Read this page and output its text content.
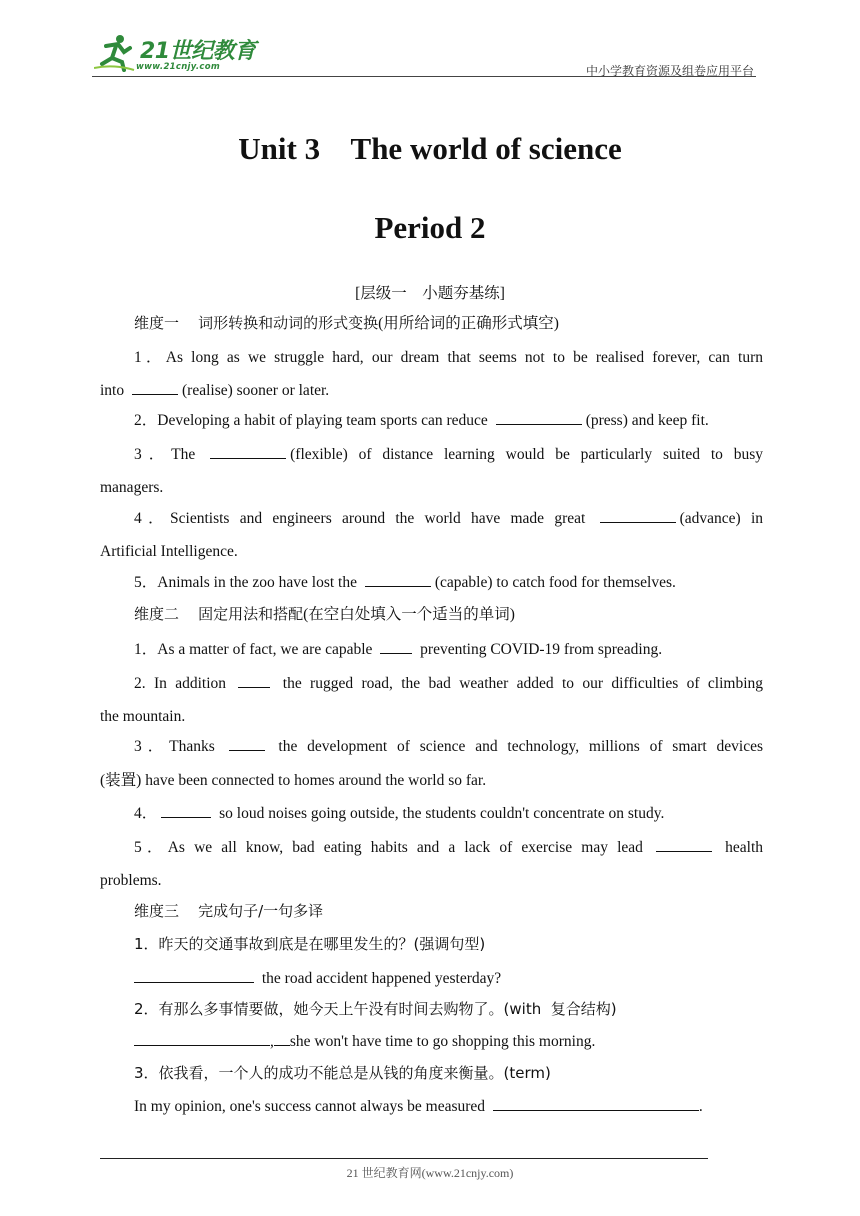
21世纪教育
www.21cnjy.com	中小学教育资源及组卷应用平台
Unit 3    The world of science
Period 2
[层级一    小题夯基练]
维度一    词形转换和动词的形式变换(用所给词的正确形式填空)
1．As long as we struggle hard, our dream that seems not to be realised forever, can turn
into	(realise) sooner or later.
2．Developing a habit of playing team sports can reduce	(press) and keep fit.
3．The	(flexible) of distance learning would be particularly suited to busy
managers.
4．Scientists and engineers around the world have made great	(advance) in
Artificial Intelligence.
5．Animals in the zoo have lost the	(capable) to catch food for themselves.
维度二    固定用法和搭配(在空白处填入一个适当的单词)
1．As a matter of fact, we are capable	preventing COVID-19 from spreading.
2. In addition	the rugged road, the bad weather added to our difficulties of climbing
the mountain.
3．Thanks	the development of science and technology, millions of smart devices
(装置) have been connected to homes around the world so far.
4．	so loud noises going outside, the students couldn't concentrate on study.
5．As we all know, bad eating habits and a lack of exercise may lead	health
problems.
维度三    完成句子/一句多译
1．昨天的交通事故到底是在哪里发生的？(强调句型)
the road accident happened yesterday?
2．有那么多事情要做，她今天上午没有时间去购物了。(with  复合结构)
, she won't have time to go shopping this morning.
3．依我看，一个人的成功不能总是从钱的角度来衡量。(term)
In my opinion, one's success cannot always be measured	.
21 世纪教育网(www.21cnjy.com)
